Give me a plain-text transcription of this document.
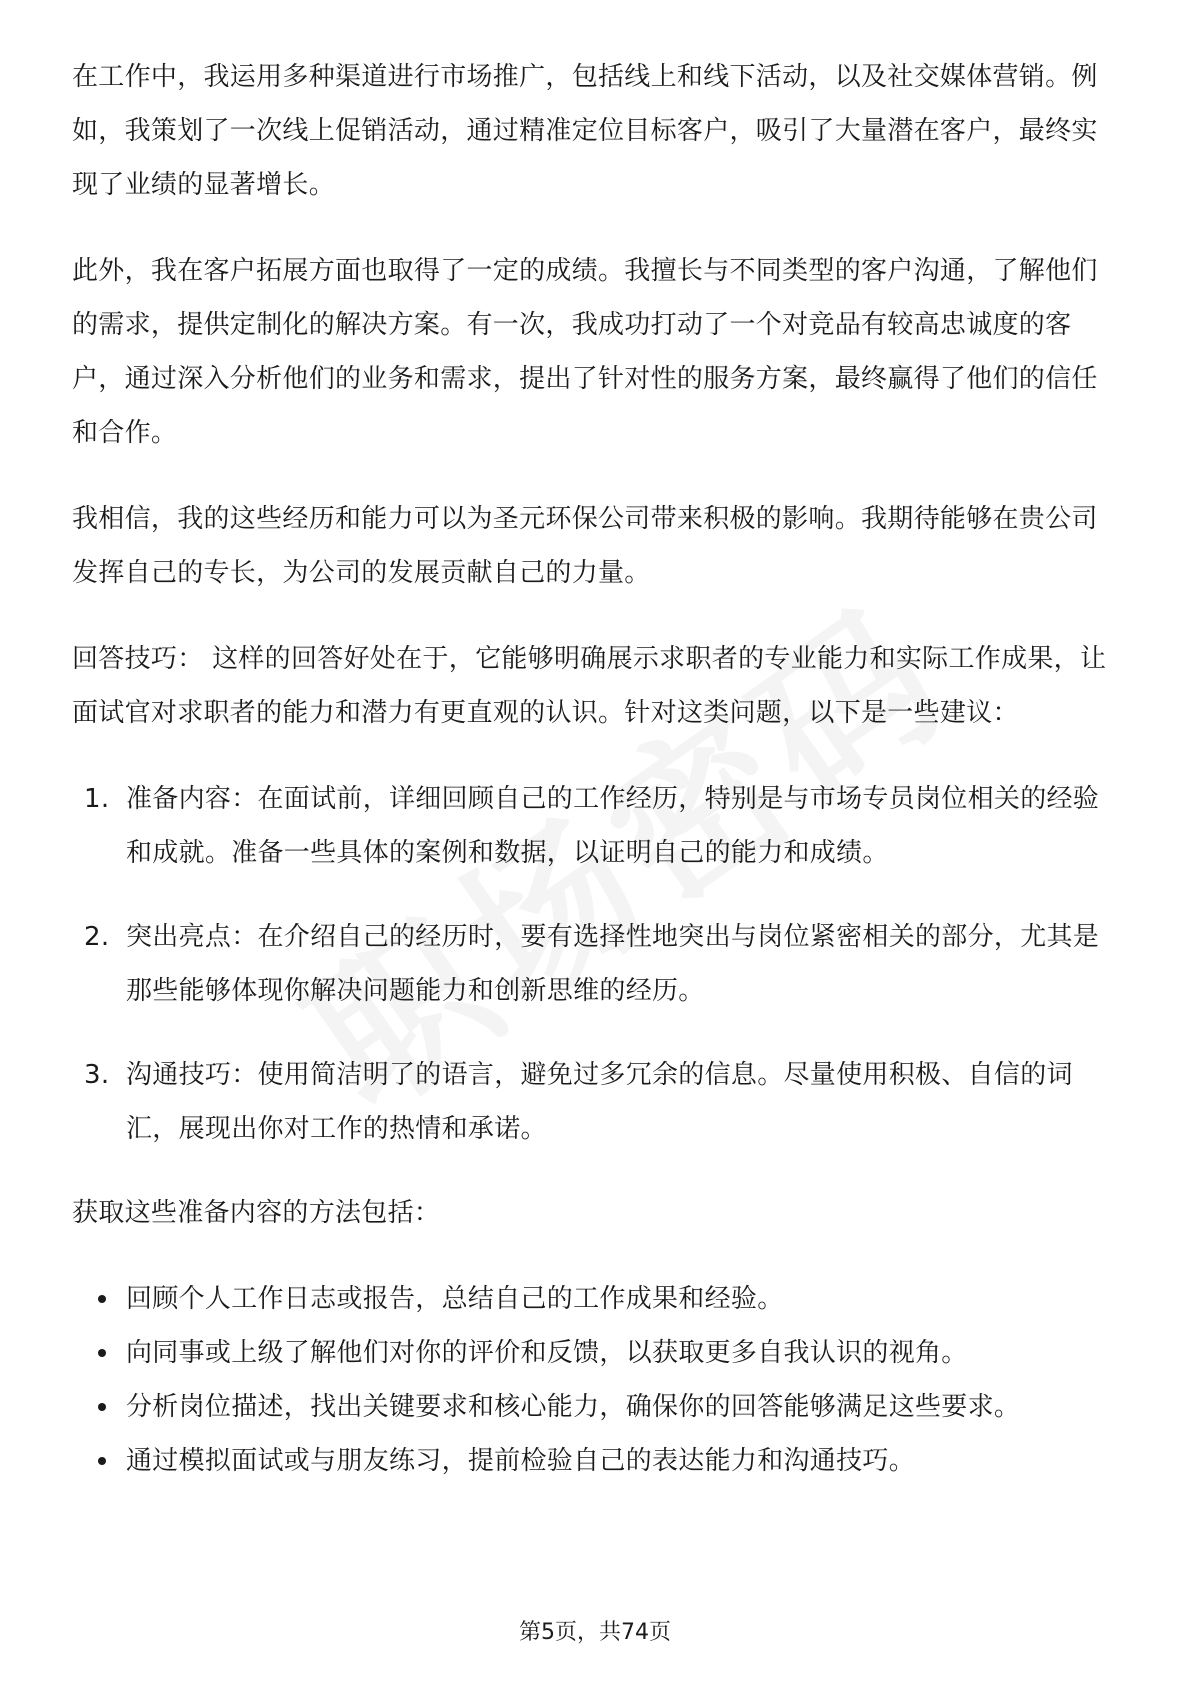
在工作中，我运用多种渠道进行市场推广，包括线上和线下活动，以及社交媒体营销。例如，我策划了一次线上促销活动，通过精准定位目标客户，吸引了大量潜在客户，最终实现了业绩的显著增长。

此外，我在客户拓展方面也取得了一定的成绩。我擅长与不同类型的客户沟通，了解他们的需求，提供定制化的解决方案。有一次，我成功打动了一个对竞品有较高忠诚度的客户，通过深入分析他们的业务和需求，提出了针对性的服务方案，最终赢得了他们的信任和合作。

我相信，我的这些经历和能力可以为圣元环保公司带来积极的影响。我期待能够在贵公司发挥自己的专长，为公司的发展贡献自己的力量。

回答技巧： 这样的回答好处在于，它能够明确展示求职者的专业能力和实际工作成果，让面试官对求职者的能力和潜力有更直观的认识。针对这类问题，以下是一些建议：

1. 准备内容：在面试前，详细回顾自己的工作经历，特别是与市场专员岗位相关的经验和成就。准备一些具体的案例和数据，以证明自己的能力和成绩。
2. 突出亮点：在介绍自己的经历时，要有选择性地突出与岗位紧密相关的部分，尤其是那些能够体现你解决问题能力和创新思维的经历。
3. 沟通技巧：使用简洁明了的语言，避免过多冗余的信息。尽量使用积极、自信的词汇，展现出你对工作的热情和承诺。

获取这些准备内容的方法包括：

回顾个人工作日志或报告，总结自己的工作成果和经验。
向同事或上级了解他们对你的评价和反馈，以获取更多自我认识的视角。
分析岗位描述，找出关键要求和核心能力，确保你的回答能够满足这些要求。
通过模拟面试或与朋友练习，提前检验自己的表达能力和沟通技巧。
第5页，共74页
